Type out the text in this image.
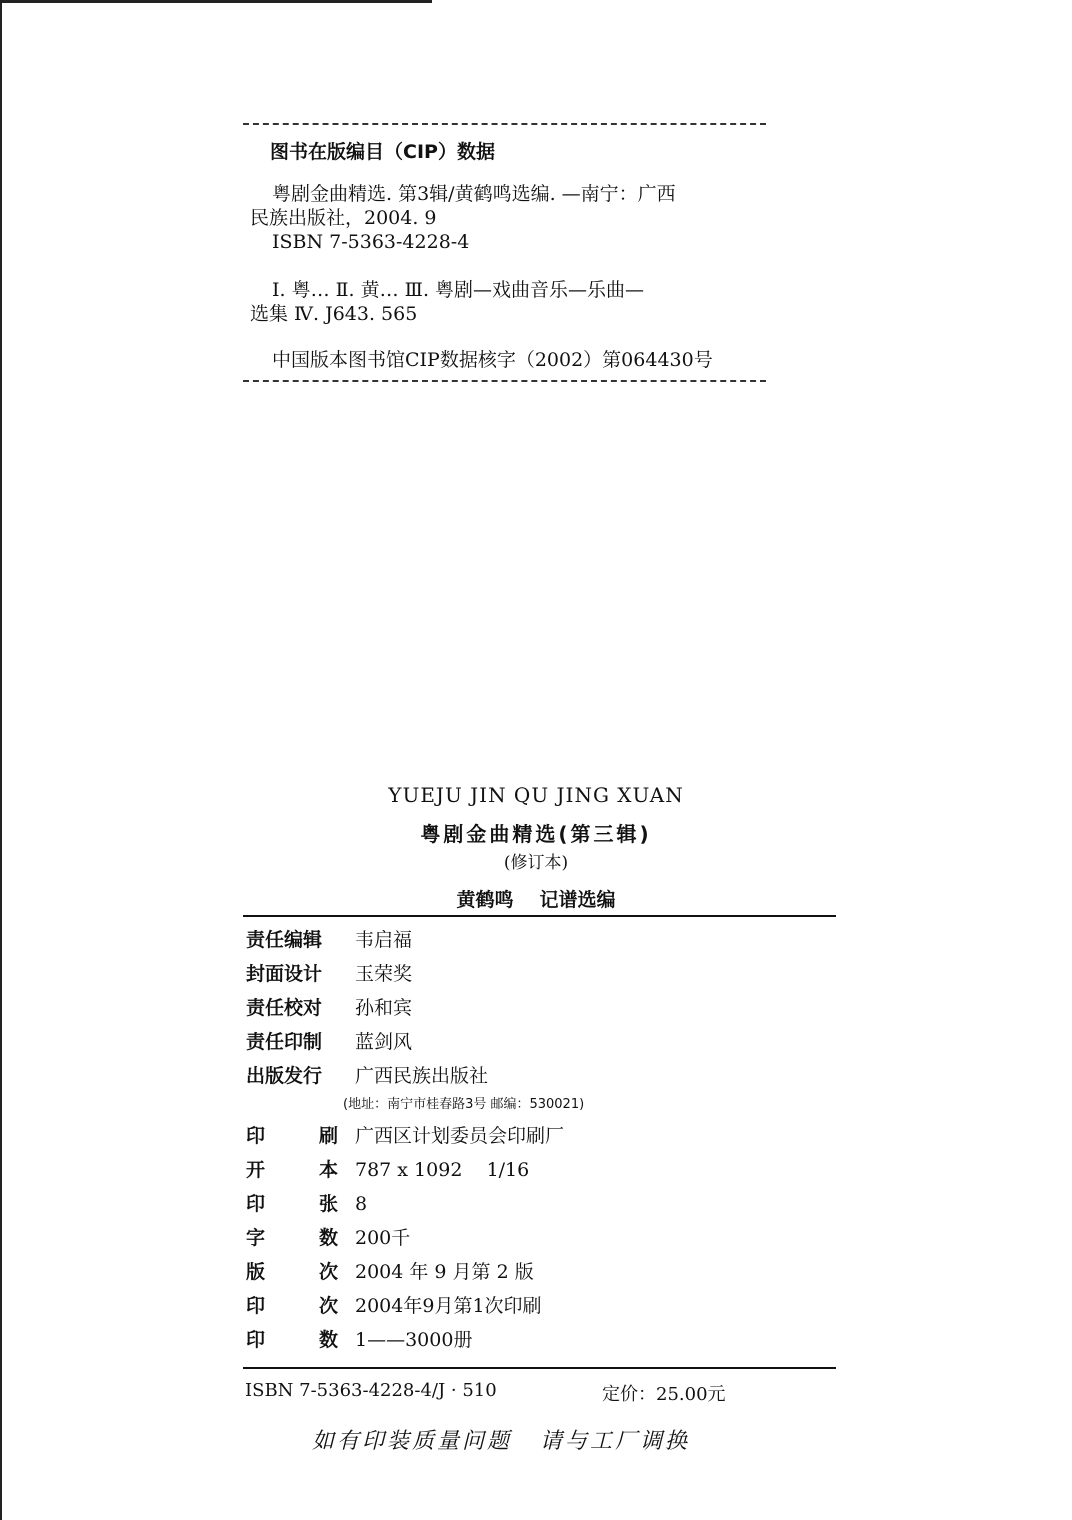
图书在版编目（CIP）数据

粤剧金曲精选. 第3辑/黄鹤鸣选编. —南宁：广西

民族出版社，2004. 9

ISBN 7-5363-4228-4

Ⅰ. 粤… Ⅱ. 黄… Ⅲ. 粤剧—戏曲音乐—乐曲—

选集 Ⅳ. J643. 565

中国版本图书馆CIP数据核字（2002）第064430号

YUEJU JIN QU JING XUAN
粤剧金曲精选(第三辑)
(修订本)
黄鹤鸣 记谱选编
责任编辑	韦启福
封面设计	玉荣奖
责任校对	孙和宾
责任印制	蓝剑风
出版发行	广西民族出版社
(地址：南宁市桂春路3号 邮编：530021)
印	刷 广西区计划委员会印刷厂
开	本 787 x 1092    1/16
印	张 8
字	数 200千
版	次 2004 年 9 月第 2 版
印	次 2004年9月第1次印刷
印	数 1——3000册
ISBN 7-5363-4228-4/J · 510	定价：25.00元
如有印装质量问题 请与工厂调换
